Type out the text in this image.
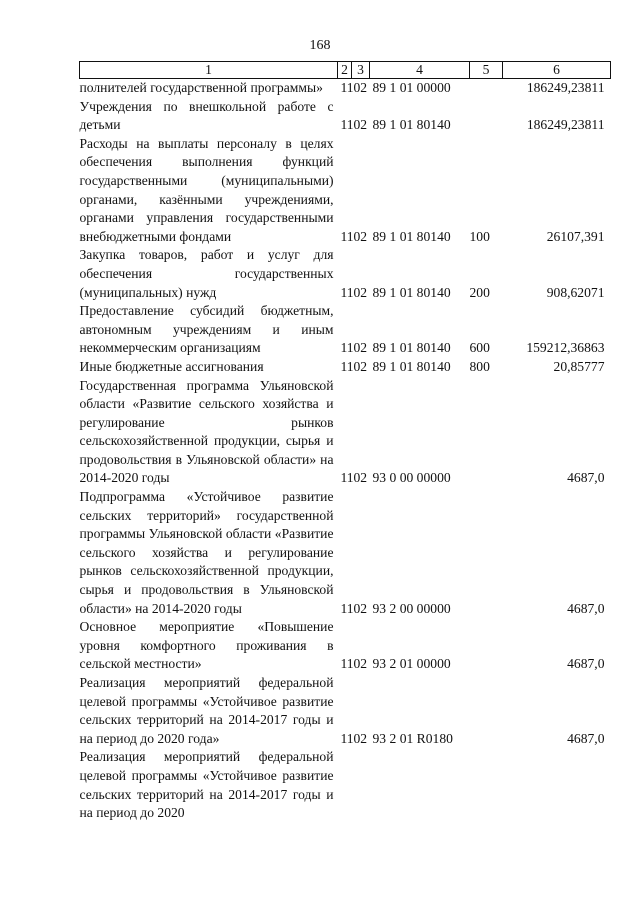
168
1	2	3	4	5	6
полнителей государственной программы»	11	02	89 1 01 00000		186249,23811
Учреждения по внешкольной работе с детьми	11	02	89 1 01 80140		186249,23811
Расходы на выплаты персоналу в целях обеспечения выполнения функций государственными (муниципальными) органами, казёнными учреждениями, органами управления государственными внебюджетными фондами	11	02	89 1 01 80140	100	26107,391
Закупка товаров, работ и услуг для обеспечения государственных (муниципальных) нужд	11	02	89 1 01 80140	200	908,62071
Предоставление субсидий бюджетным, автономным учреждениям и иным некоммерческим организациям	11	02	89 1 01 80140	600	159212,36863
Иные бюджетные ассигнования	11	02	89 1 01 80140	800	20,85777
Государственная программа Ульяновской области «Развитие сельского хозяйства и регулирование рынков сельскохозяйственной продукции, сырья и продовольствия в Ульяновской области» на 2014-2020 годы	11	02	93 0 00 00000		4687,0
Подпрограмма «Устойчивое развитие сельских территорий» государственной программы Ульяновской области «Развитие сельского хозяйства и регулирование рынков сельскохозяйственной продукции, сырья и продовольствия в Ульяновской области» на 2014-2020 годы	11	02	93 2 00 00000		4687,0
Основное мероприятие «Повышение уровня комфортного проживания в сельской местности»	11	02	93 2 01 00000		4687,0
Реализация мероприятий федеральной целевой программы «Устойчивое развитие сельских территорий на 2014-2017 годы и на период до 2020 года»	11	02	93 2 01 R0180		4687,0
Реализация мероприятий федеральной целевой программы «Устойчивое развитие сельских территорий на 2014-2017 годы и на период до 2020					
